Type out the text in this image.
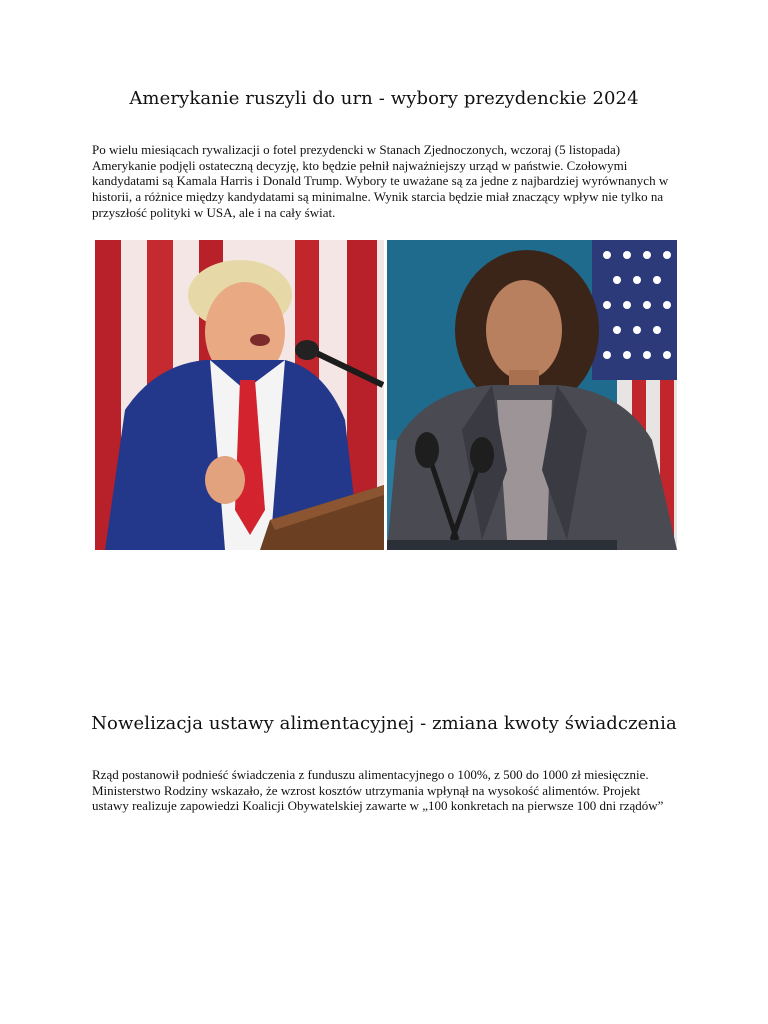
Amerykanie ruszyli do urn - wybory prezydenckie 2024

Po wielu miesiącach rywalizacji o fotel prezydencki w Stanach Zjednoczonych, wczoraj (5 listopada) Amerykanie podjęli ostateczną decyzję, kto będzie pełnił najważniejszy urząd w państwie. Czołowymi kandydatami są Kamala Harris i Donald Trump. Wybory te uważane są za jedne z najbardziej wyrównanych w historii, a różnice między kandydatami są minimalne. Wynik starcia będzie miał znaczący wpływ nie tylko na przyszłość polityki w USA, ale i na cały świat.

Nowelizacja ustawy alimentacyjnej - zmiana kwoty świadczenia

Rząd postanowił podnieść świadczenia z funduszu alimentacyjnego o 100%, z 500 do 1000 zł miesięcznie. Ministerstwo Rodziny wskazało, że wzrost kosztów utrzymania wpłynął na wysokość alimentów. Projekt ustawy realizuje zapowiedzi Koalicji Obywatelskiej zawarte w „100 konkretach na pierwsze 100 dni rządów”
